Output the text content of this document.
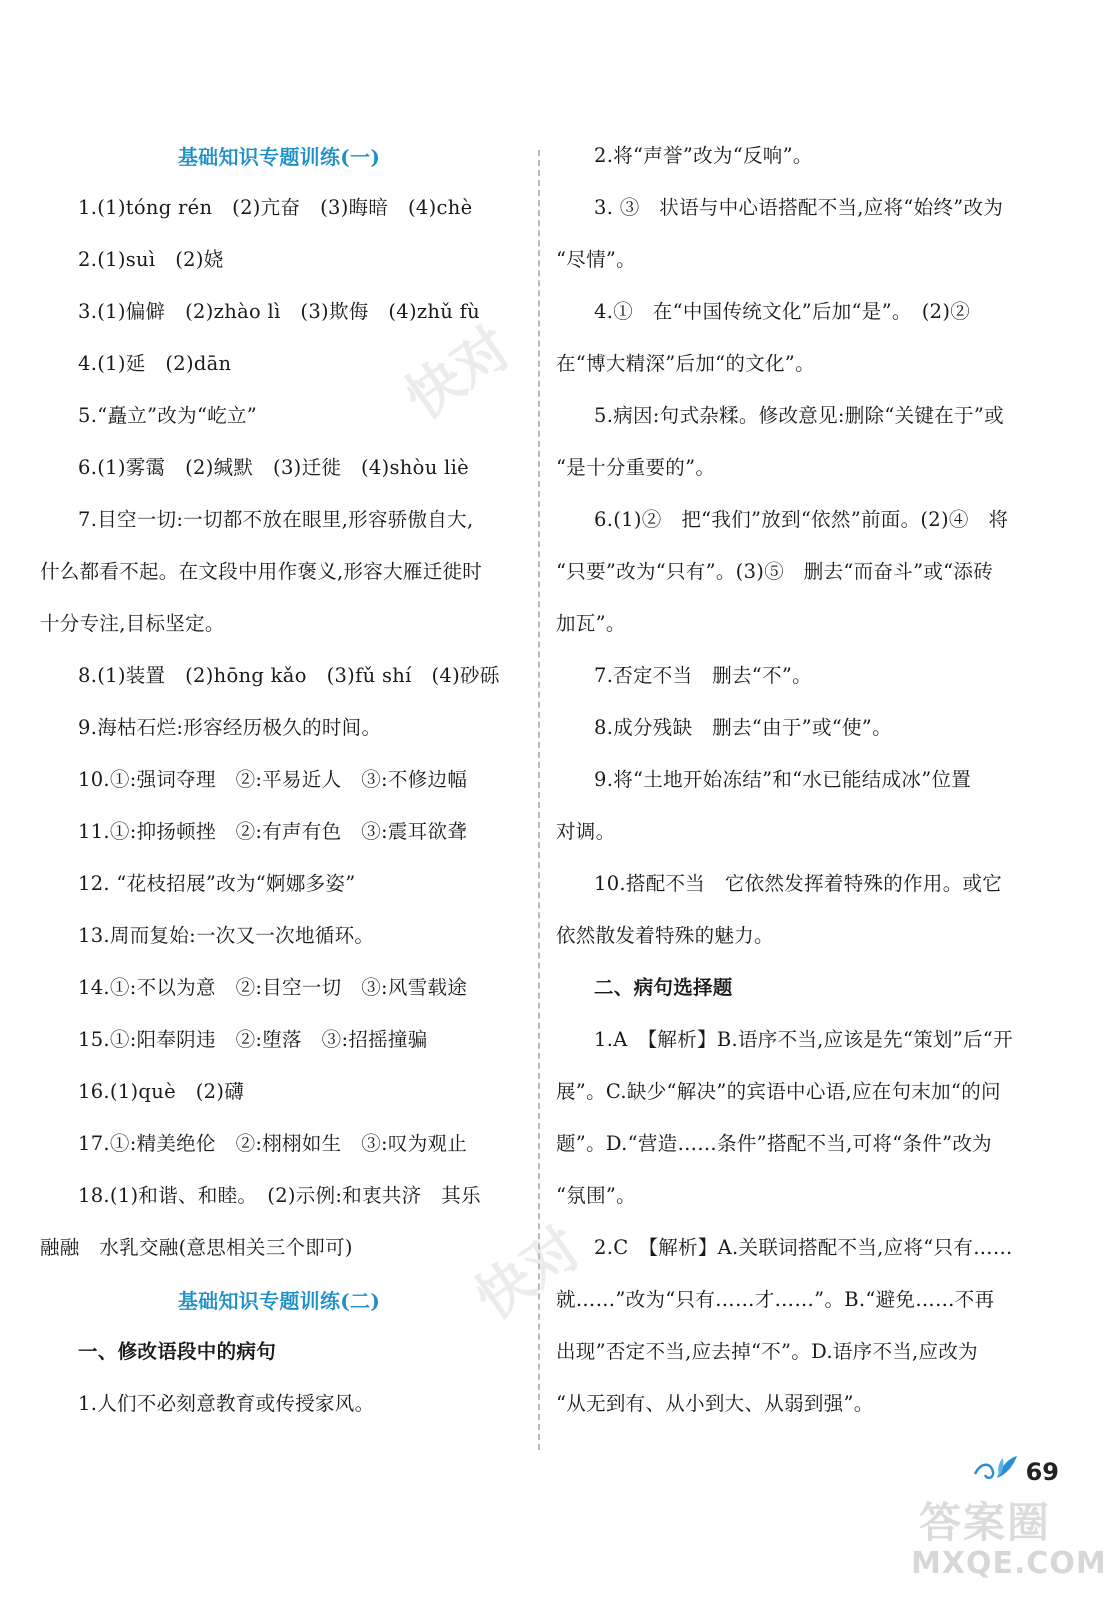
快对
快对
基础知识专题训练(一)
1.(1)tóng rén　(2)亢奋　(3)晦暗　(4)chè
2.(1)suì　(2)娆
3.(1)偏僻　(2)zhào lì　(3)欺侮　(4)zhǔ fù
4.(1)延　(2)dān
5.“矗立”改为“屹立”
6.(1)雾霭　(2)缄默　(3)迁徙　(4)shòu liè
7.目空一切:一切都不放在眼里,形容骄傲自大,
什么都看不起。在文段中用作褒义,形容大雁迁徙时
十分专注,目标坚定。
8.(1)装置　(2)hōng kǎo　(3)fǔ shí　(4)砂砾
9.海枯石烂:形容经历极久的时间。
10.①:强词夺理　②:平易近人　③:不修边幅
11.①:抑扬顿挫　②:有声有色　③:震耳欲聋
12. “花枝招展”改为“婀娜多姿”
13.周而复始:一次又一次地循环。
14.①:不以为意　②:目空一切　③:风雪载途
15.①:阳奉阴违　②:堕落　③:招摇撞骗
16.(1)què　(2)礴
17.①:精美绝伦　②:栩栩如生　③:叹为观止
18.(1)和谐、和睦。　(2)示例:和衷共济　其乐
融融　水乳交融(意思相关三个即可)
基础知识专题训练(二)
一、修改语段中的病句
1.人们不必刻意教育或传授家风。
2.将“声誉”改为“反响”。
3. ③　状语与中心语搭配不当,应将“始终”改为
“尽情”。
4.①　在“中国传统文化”后加“是”。　(2)②
在“博大精深”后加“的文化”。
5.病因:句式杂糅。修改意见:删除“关键在于”或
“是十分重要的”。
6.(1)②　把“我们”放到“依然”前面。(2)④　将
“只要”改为“只有”。(3)⑤　删去“而奋斗”或“添砖
加瓦”。
7.否定不当　删去“不”。
8.成分残缺　删去“由于”或“使”。
9.将“土地开始冻结”和“水已能结成冰”位置
对调。
10.搭配不当　它依然发挥着特殊的作用。或它
依然散发着特殊的魅力。
二、病句选择题
1.A　【解析】B.语序不当,应该是先“策划”后“开
展”。C.缺少“解决”的宾语中心语,应在句末加“的问
题”。D.“营造……条件”搭配不当,可将“条件”改为
“氛围”。
2.C　【解析】A.关联词搭配不当,应将“只有……
就……”改为“只有……才……”。B.“避免……不再
出现”否定不当,应去掉“不”。D.语序不当,应改为
“从无到有、从小到大、从弱到强”。
69
答案圈
MXQE.COM
